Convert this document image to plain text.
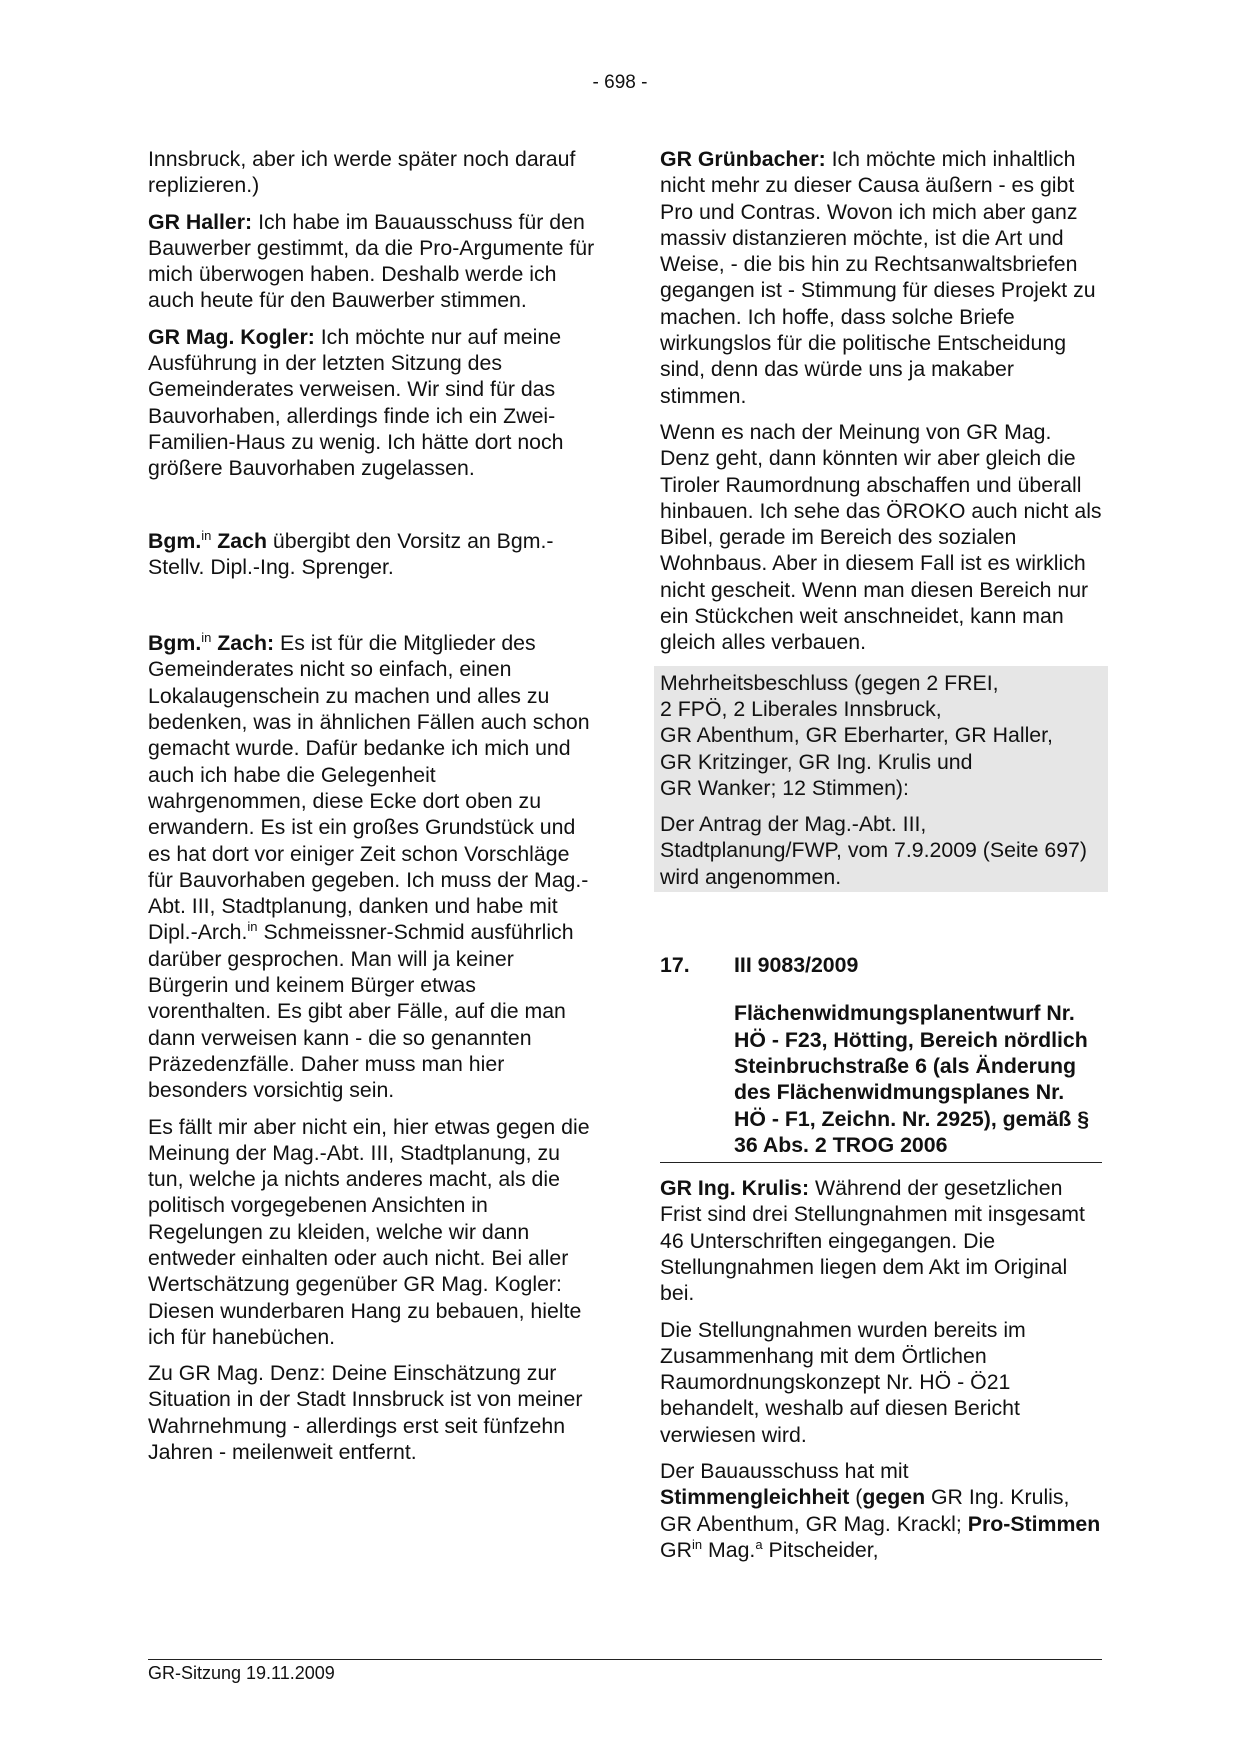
- 698 -

Innsbruck, aber ich werde später noch darauf replizieren.)

GR Haller: Ich habe im Bauausschuss für den Bauwerber gestimmt, da die Pro-Argumente für mich überwogen haben. Deshalb werde ich auch heute für den Bauwerber stimmen.

GR Mag. Kogler: Ich möchte nur auf meine Ausführung in der letzten Sitzung des Gemeinderates verweisen. Wir sind für das Bauvorhaben, allerdings finde ich ein Zwei-Familien-Haus zu wenig. Ich hätte dort noch größere Bauvorhaben zugelassen.

Bgm.$^{in}$ Zach übergibt den Vorsitz an Bgm.-Stellv. Dipl.-Ing. Sprenger.

Bgm.$^{in}$ Zach: Es ist für die Mitglieder des Gemeinderates nicht so einfach, einen Lokalaugenschein zu machen und alles zu bedenken, was in ähnlichen Fällen auch schon gemacht wurde. Dafür bedanke ich mich und auch ich habe die Gelegenheit wahrgenommen, diese Ecke dort oben zu erwandern. Es ist ein großes Grundstück und es hat dort vor einiger Zeit schon Vorschläge für Bauvorhaben gegeben. Ich muss der Mag.-Abt. III, Stadtplanung, danken und habe mit Dipl.-Arch.$^{in}$ Schmeissner-Schmid ausführlich darüber gesprochen. Man will ja keiner Bürgerin und keinem Bürger etwas vorenthalten. Es gibt aber Fälle, auf die man dann verweisen kann - die so genannten Präzedenzfälle. Daher muss man hier besonders vorsichtig sein.

Es fällt mir aber nicht ein, hier etwas gegen die Meinung der Mag.-Abt. III, Stadtplanung, zu tun, welche ja nichts anderes macht, als die politisch vorgegebenen Ansichten in Regelungen zu kleiden, welche wir dann entweder einhalten oder auch nicht. Bei aller Wertschätzung gegenüber GR Mag. Kogler: Diesen wunderbaren Hang zu bebauen, hielte ich für hanebüchen.

Zu GR Mag. Denz: Deine Einschätzung zur Situation in der Stadt Innsbruck ist von meiner Wahrnehmung - allerdings erst seit fünfzehn Jahren - meilenweit entfernt.

GR Grünbacher: Ich möchte mich inhaltlich nicht mehr zu dieser Causa äußern - es gibt Pro und Contras. Wovon ich mich aber ganz massiv distanzieren möchte, ist die Art und Weise, - die bis hin zu Rechtsanwaltsbriefen gegangen ist - Stimmung für dieses Projekt zu machen. Ich hoffe, dass solche Briefe wirkungslos für die politische Entscheidung sind, denn das würde uns ja makaber stimmen.

Wenn es nach der Meinung von GR Mag. Denz geht, dann könnten wir aber gleich die Tiroler Raumordnung abschaffen und überall hinbauen. Ich sehe das ÖROKO auch nicht als Bibel, gerade im Bereich des sozialen Wohnbaus. Aber in diesem Fall ist es wirklich nicht gescheit. Wenn man diesen Bereich nur ein Stückchen weit anschneidet, kann man gleich alles verbauen.

Mehrheitsbeschluss (gegen 2 FREI,
2 FPÖ, 2 Liberales Innsbruck,
GR Abenthum, GR Eberharter, GR Haller,
GR Kritzinger, GR Ing. Krulis und
GR Wanker; 12 Stimmen):

Der Antrag der Mag.-Abt. III, Stadtplanung/FWP, vom 7.9.2009 (Seite 697) wird angenommen.

17.	III 9083/2009
Flächenwidmungsplanentwurf Nr. HÖ - F23, Hötting, Bereich nördlich Steinbruchstraße 6 (als Änderung des Flächenwidmungsplanes Nr. HÖ - F1, Zeichn. Nr. 2925), gemäß § 36 Abs. 2 TROG 2006

GR Ing. Krulis: Während der gesetzlichen Frist sind drei Stellungnahmen mit insgesamt 46 Unterschriften eingegangen. Die Stellungnahmen liegen dem Akt im Original bei.

Die Stellungnahmen wurden bereits im Zusammenhang mit dem Örtlichen Raumordnungskonzept Nr. HÖ - Ö21 behandelt, weshalb auf diesen Bericht verwiesen wird.

Der Bauausschuss hat mit Stimmengleichheit (gegen GR Ing. Krulis, GR Abenthum, GR Mag. Krackl; Pro-Stimmen $GR^{in}$ Mag.$^a$ Pitscheider,

GR-Sitzung 19.11.2009
